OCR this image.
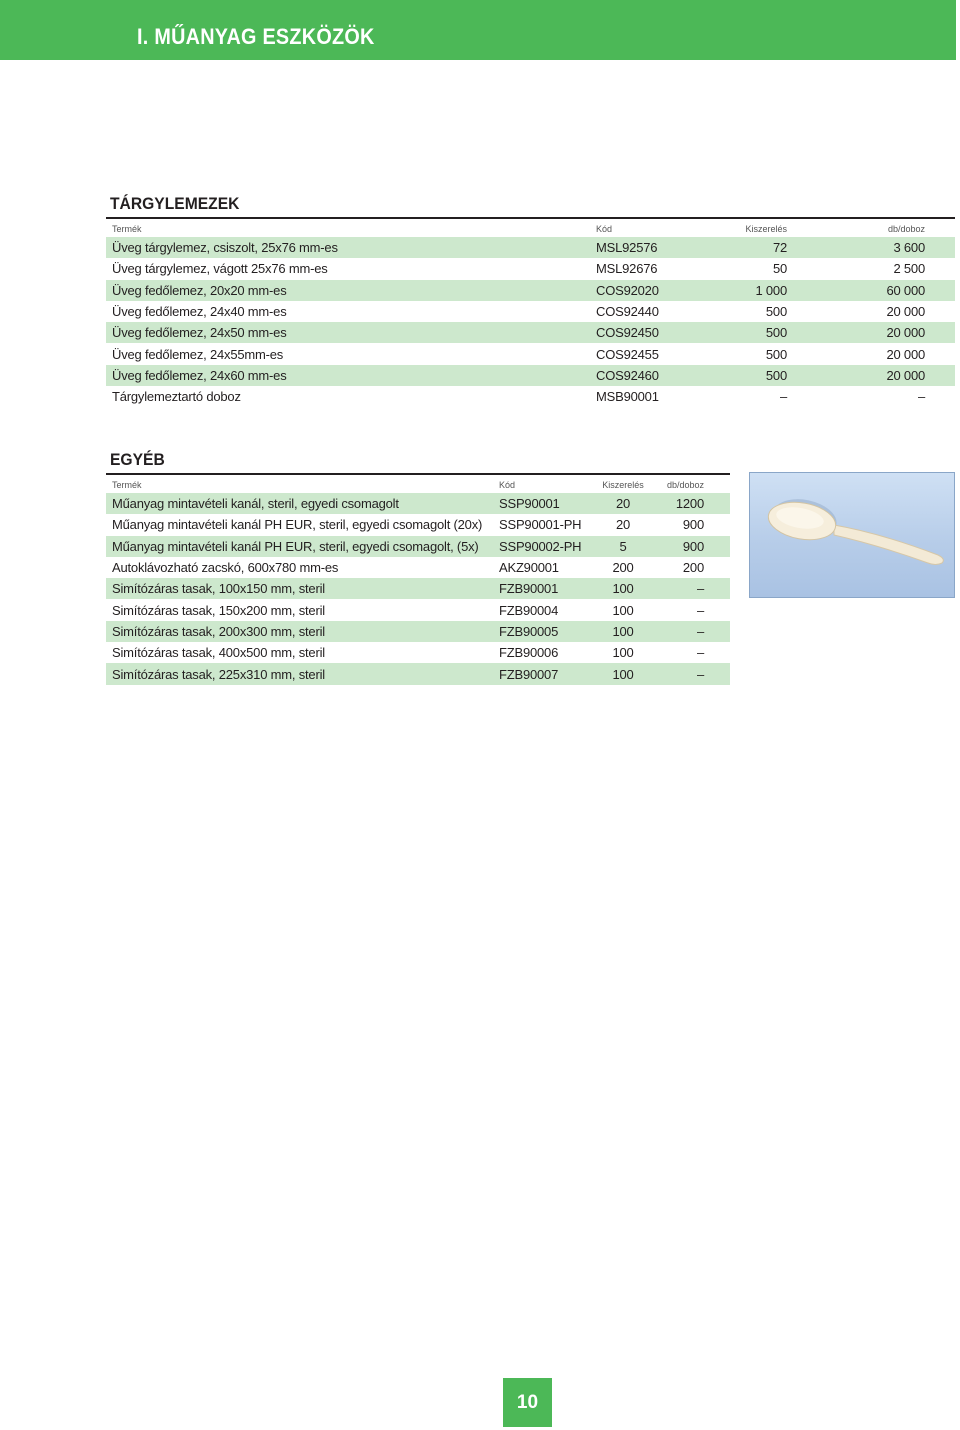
I. MŰANYAG ESZKÖZÖK
TÁRGYLEMEZEK
Termék	Kód	Kiszerelés	db/doboz
Üveg tárgylemez, csiszolt, 25x76 mm-es	MSL92576	72	3 600
Üveg tárgylemez, vágott 25x76 mm-es	MSL92676	50	2 500
Üveg fedőlemez, 20x20 mm-es	COS92020	1 000	60 000
Üveg fedőlemez, 24x40 mm-es	COS92440	500	20 000
Üveg fedőlemez, 24x50 mm-es	COS92450	500	20 000
Üveg fedőlemez, 24x55mm-es	COS92455	500	20 000
Üveg fedőlemez, 24x60 mm-es	COS92460	500	20 000
Tárgylemeztartó doboz	MSB90001	–	–
EGYÉB
Termék	Kód	Kiszerelés	db/doboz
Műanyag mintavételi kanál, steril, egyedi csomagolt	SSP90001	20	1200
Műanyag mintavételi kanál PH EUR, steril, egyedi csomagolt (20x)	SSP90001-PH	20	900
Műanyag mintavételi kanál PH EUR, steril, egyedi csomagolt, (5x)	SSP90002-PH	5	900
Autoklávozható zacskó, 600x780 mm-es	AKZ90001	200	200
Simítózáras tasak, 100x150 mm, steril	FZB90001	100	–
Simítózáras tasak, 150x200 mm, steril	FZB90004	100	–
Simítózáras tasak, 200x300 mm, steril	FZB90005	100	–
Simítózáras tasak, 400x500 mm, steril	FZB90006	100	–
Simítózáras tasak, 225x310 mm, steril	FZB90007	100	–
10
